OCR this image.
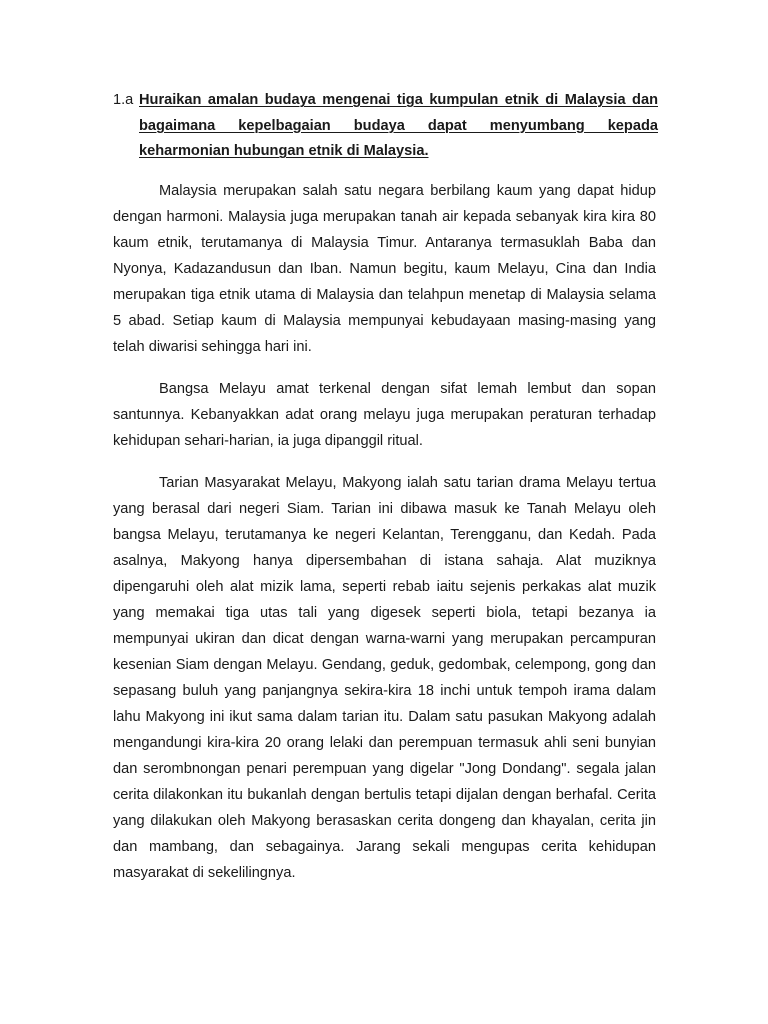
1.a Huraikan amalan budaya mengenai tiga kumpulan etnik di Malaysia dan bagaimana kepelbagaian budaya dapat menyumbang kepada keharmonian hubungan etnik di Malaysia.

Malaysia merupakan salah satu negara berbilang kaum yang dapat hidup dengan harmoni. Malaysia juga merupakan tanah air kepada sebanyak kira kira 80 kaum etnik, terutamanya di Malaysia Timur. Antaranya termasuklah Baba dan Nyonya, Kadazandusun dan Iban. Namun begitu, kaum Melayu, Cina dan India merupakan tiga etnik utama di Malaysia dan telahpun menetap di Malaysia selama 5 abad. Setiap kaum di Malaysia mempunyai kebudayaan masing-masing yang telah diwarisi sehingga hari ini.

Bangsa Melayu amat terkenal dengan sifat lemah lembut dan sopan santunnya. Kebanyakkan adat orang melayu juga merupakan peraturan terhadap kehidupan sehari-harian, ia juga dipanggil ritual.

Tarian Masyarakat Melayu, Makyong ialah satu tarian drama Melayu tertua yang berasal dari negeri Siam. Tarian ini dibawa masuk ke Tanah Melayu oleh bangsa Melayu, terutamanya ke negeri Kelantan, Terengganu, dan Kedah. Pada asalnya, Makyong hanya dipersembahan di istana sahaja. Alat muziknya dipengaruhi oleh alat mizik lama, seperti rebab iaitu sejenis perkakas alat muzik yang memakai tiga utas tali yang digesek seperti biola, tetapi bezanya ia mempunyai ukiran dan dicat dengan warna-warni yang merupakan percampuran kesenian Siam dengan Melayu. Gendang, geduk, gedombak, celempong, gong dan sepasang buluh yang panjangnya sekira-kira 18 inchi untuk tempoh irama dalam lahu Makyong ini ikut sama dalam tarian itu. Dalam satu pasukan Makyong adalah mengandungi kira-kira 20 orang lelaki dan perempuan termasuk ahli seni bunyian dan serombnongan penari perempuan yang digelar "Jong Dondang". segala jalan cerita dilakonkan itu bukanlah dengan bertulis tetapi dijalan dengan berhafal. Cerita yang dilakukan oleh Makyong berasaskan cerita dongeng dan khayalan, cerita jin dan mambang, dan sebagainya. Jarang sekali mengupas cerita kehidupan masyarakat di sekelilingnya.
